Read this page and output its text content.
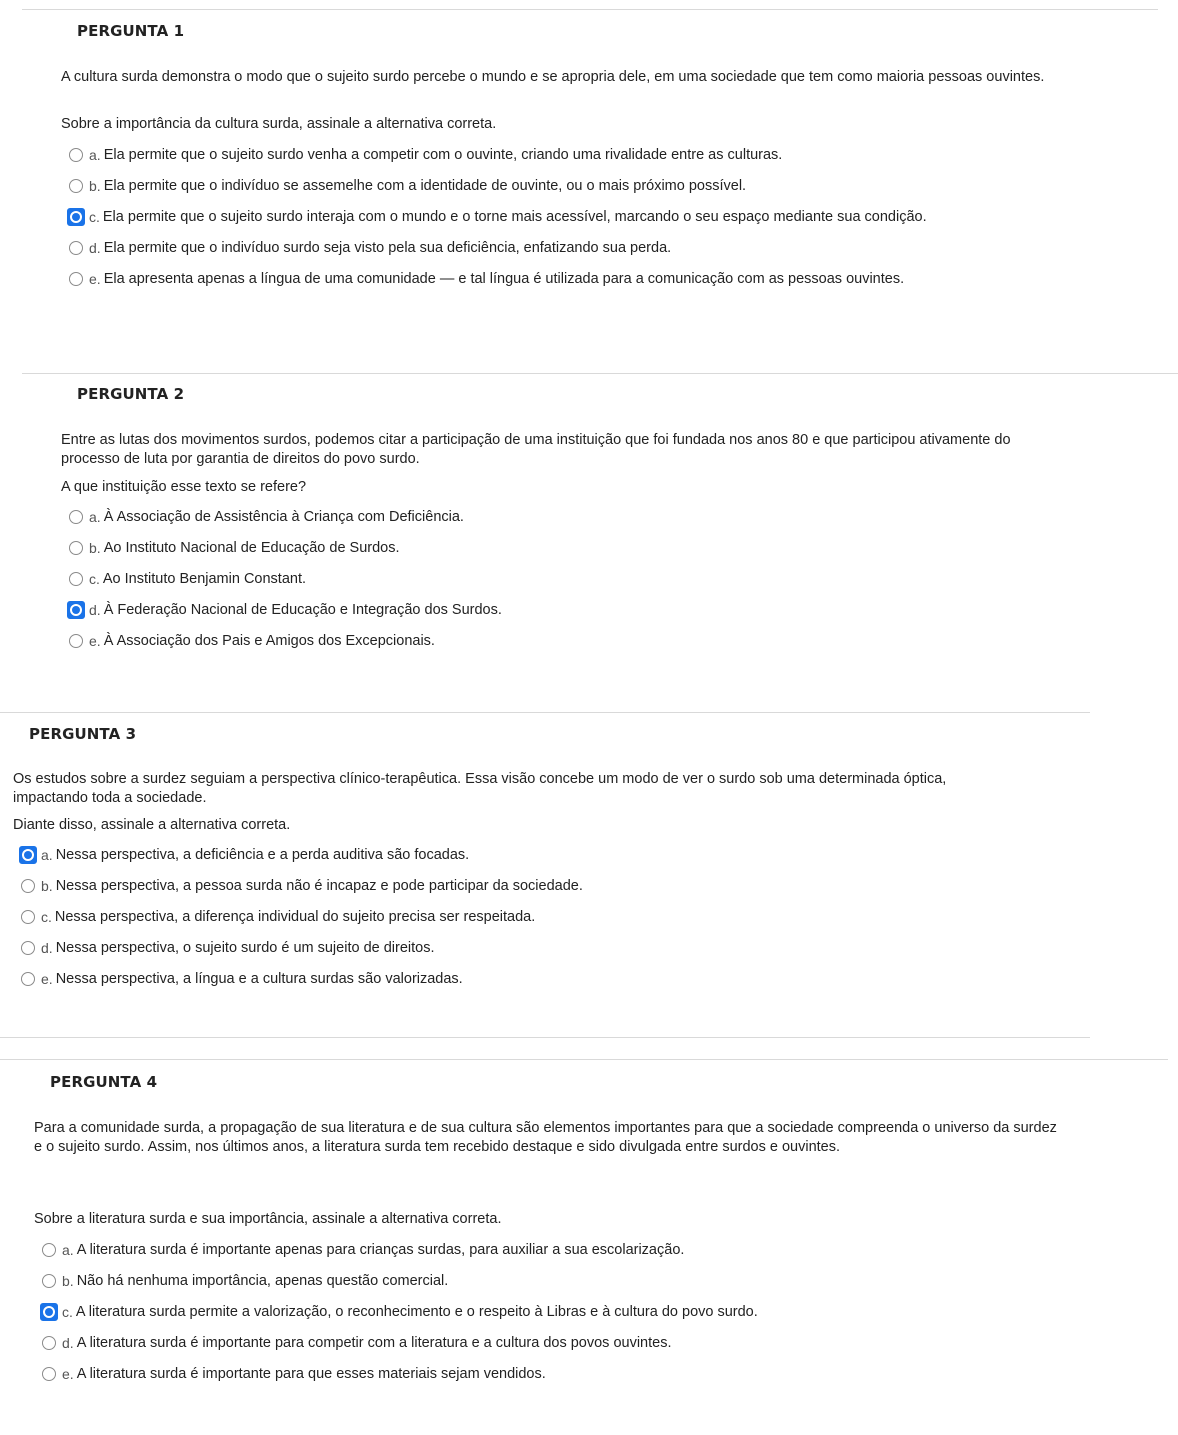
PERGUNTA 1

A cultura surda demonstra o modo que o sujeito surdo percebe o mundo e se apropria dele, em uma sociedade que tem como maioria pessoas ouvintes.

Sobre a importância da cultura surda, assinale a alternativa correta.

a. Ela permite que o sujeito surdo venha a competir com o ouvinte, criando uma rivalidade entre as culturas.
b. Ela permite que o indivíduo se assemelhe com a identidade de ouvinte, ou o mais próximo possível.
c. Ela permite que o sujeito surdo interaja com o mundo e o torne mais acessível, marcando o seu espaço mediante sua condição.
d. Ela permite que o indivíduo surdo seja visto pela sua deficiência, enfatizando sua perda.
e. Ela apresenta apenas a língua de uma comunidade — e tal língua é utilizada para a comunicação com as pessoas ouvintes.
PERGUNTA 2

Entre as lutas dos movimentos surdos, podemos citar a participação de uma instituição que foi fundada nos anos 80 e que participou ativamente do processo de luta por garantia de direitos do povo surdo.

A que instituição esse texto se refere?

a. À Associação de Assistência à Criança com Deficiência.
b. Ao Instituto Nacional de Educação de Surdos.
c. Ao Instituto Benjamin Constant.
d. À Federação Nacional de Educação e Integração dos Surdos.
e. À Associação dos Pais e Amigos dos Excepcionais.
PERGUNTA 3

Os estudos sobre a surdez seguiam a perspectiva clínico-terapêutica. Essa visão concebe um modo de ver o surdo sob uma determinada óptica, impactando toda a sociedade.

Diante disso, assinale a alternativa correta.

a. Nessa perspectiva, a deficiência e a perda auditiva são focadas.
b. Nessa perspectiva, a pessoa surda não é incapaz e pode participar da sociedade.
c. Nessa perspectiva, a diferença individual do sujeito precisa ser respeitada.
d. Nessa perspectiva, o sujeito surdo é um sujeito de direitos.
e. Nessa perspectiva, a língua e a cultura surdas são valorizadas.
PERGUNTA 4

Para a comunidade surda, a propagação de sua literatura e de sua cultura são elementos importantes para que a sociedade compreenda o universo da surdez e o sujeito surdo. Assim, nos últimos anos, a literatura surda tem recebido destaque e sido divulgada entre surdos e ouvintes.

Sobre a literatura surda e sua importância, assinale a alternativa correta.

a. A literatura surda é importante apenas para crianças surdas, para auxiliar a sua escolarização.
b. Não há nenhuma importância, apenas questão comercial.
c. A literatura surda permite a valorização, o reconhecimento e o respeito à Libras e à cultura do povo surdo.
d. A literatura surda é importante para competir com a literatura e a cultura dos povos ouvintes.
e. A literatura surda é importante para que esses materiais sejam vendidos.
